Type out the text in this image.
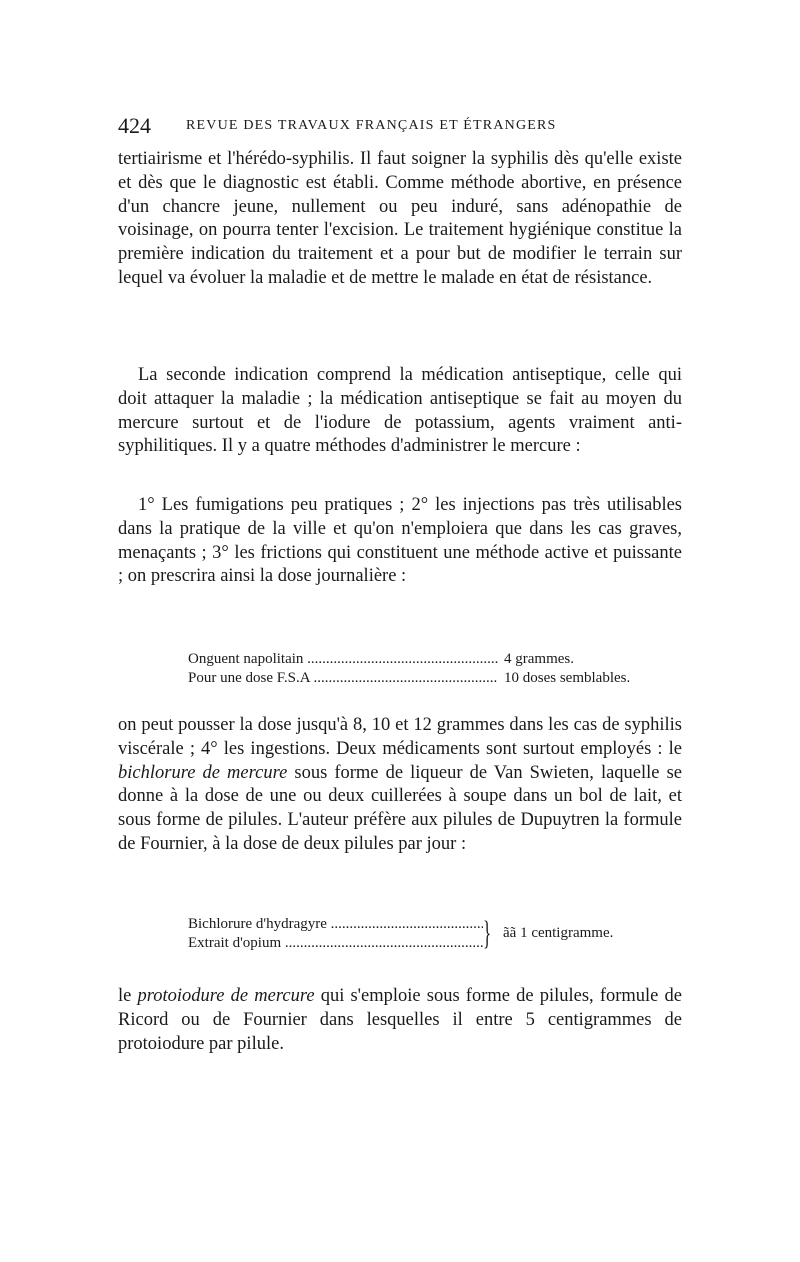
424	REVUE DES TRAVAUX FRANÇAIS ET ÉTRANGERS

tertiairisme et l'hérédo-syphilis. Il faut soigner la syphilis dès qu'elle existe et dès que le diagnostic est établi. Comme méthode abortive, en présence d'un chancre jeune, nullement ou peu induré, sans adénopathie de voisinage, on pourra tenter l'excision. Le traitement hygiénique constitue la première indication du traitement et a pour but de modifier le terrain sur lequel va évoluer la maladie et de mettre le malade en état de résistance.

La seconde indication comprend la médication antiseptique, celle qui doit attaquer la maladie ; la médication antiseptique se fait au moyen du mercure surtout et de l'iodure de potassium, agents vraiment anti-syphilitiques. Il y a quatre méthodes d'administrer le mercure :

1° Les fumigations peu pratiques ; 2° les injections pas très utilisables dans la pratique de la ville et qu'on n'emploiera que dans les cas graves, menaçants ; 3° les frictions qui constituent une méthode active et puissante ; on prescrira ainsi la dose journalière :

Onguent napolitain .....	4 grammes.
Pour une dose F.S.A .....	10 doses semblables.

on peut pousser la dose jusqu'à 8, 10 et 12 grammes dans les cas de syphilis viscérale ; 4° les ingestions. Deux médicaments sont surtout employés : le bichlorure de mercure sous forme de liqueur de Van Swieten, laquelle se donne à la dose de une ou deux cuillerées à soupe dans un bol de lait, et sous forme de pilules. L'auteur préfère aux pilules de Dupuytren la formule de Fournier, à la dose de deux pilules par jour :

Bichlorure d'hydragyre .....
Extrait d'opium .....	} ãã 1 centigramme.

le protoiodure de mercure qui s'emploie sous forme de pilules, formule de Ricord ou de Fournier dans lesquelles il entre 5 centigrammes de protoiodure par pilule.
